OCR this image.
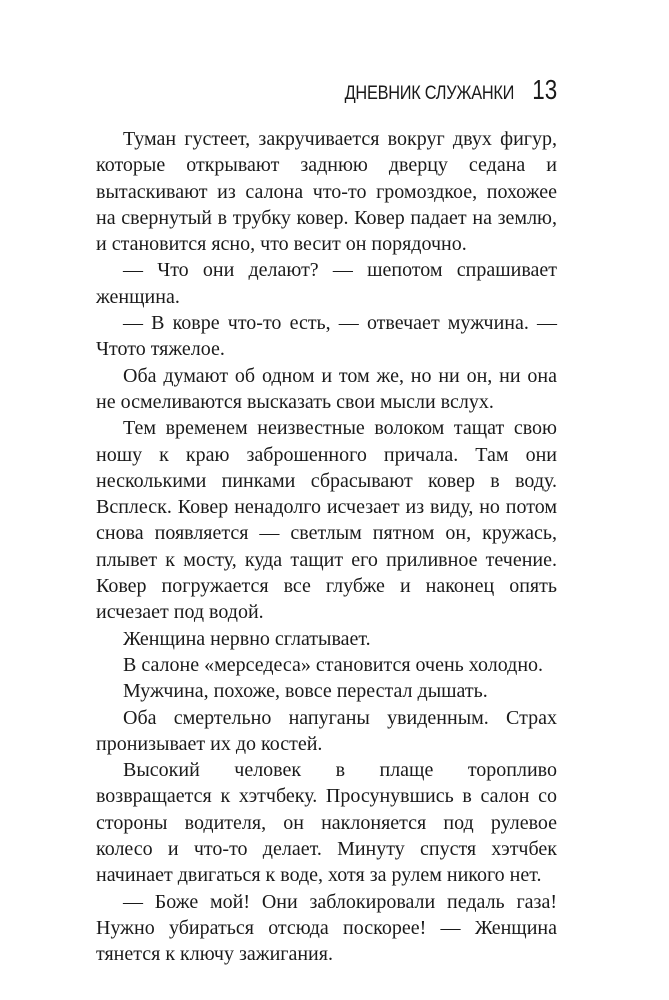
ДНЕВНИК СЛУЖАНКИ 13

Туман густеет, закручивается вокруг двух фигур, которые открывают заднюю дверцу седана и вытаскивают из салона что-то громоздкое, похожее на свернутый в трубку ковер. Ковер падает на землю, и становится ясно, что весит он порядочно.

— Что они делают? — шепотом спрашивает женщина.

— В ковре что-то есть, — отвечает мужчина. — Чтото тяжелое.

Оба думают об одном и том же, но ни он, ни она не осмеливаются высказать свои мысли вслух.

Тем временем неизвестные волоком тащат свою ношу к краю заброшенного причала. Там они несколькими пинками сбрасывают ковер в воду. Всплеск. Ковер ненадолго исчезает из виду, но потом снова появляется — светлым пятном он, кружась, плывет к мосту, куда тащит его приливное течение. Ковер погружается все глубже и наконец опять исчезает под водой.

Женщина нервно сглатывает.

В салоне «мерседеса» становится очень холодно.

Мужчина, похоже, вовсе перестал дышать.

Оба смертельно напуганы увиденным. Страх пронизывает их до костей.

Высокий человек в плаще торопливо возвращается к хэтчбеку. Просунувшись в салон со стороны водителя, он наклоняется под рулевое колесо и что-то делает. Минуту спустя хэтчбек начинает двигаться к воде, хотя за рулем никого нет.

— Боже мой! Они заблокировали педаль газа! Нужно убираться отсюда поскорее! — Женщина тянется к ключу зажигания.
